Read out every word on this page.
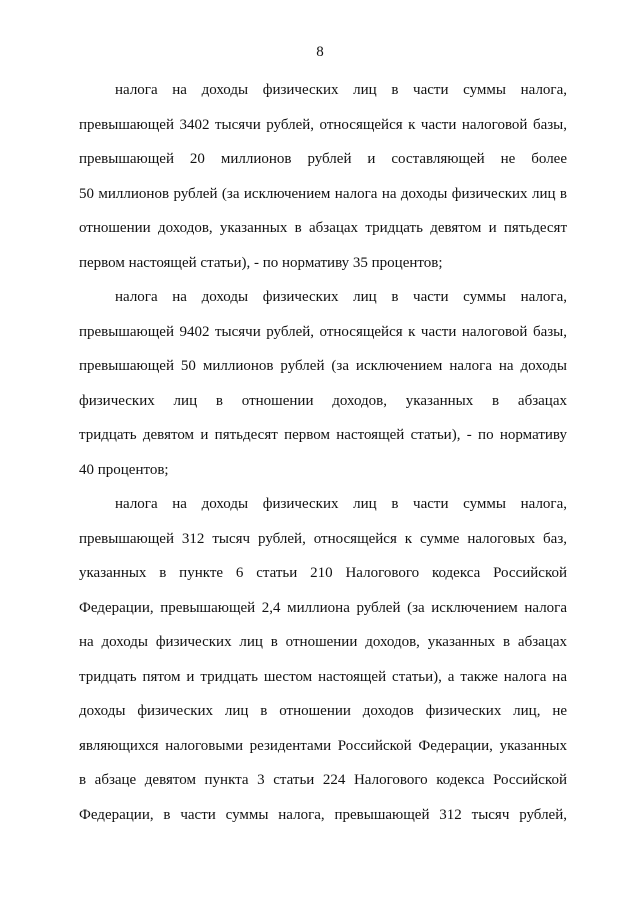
8
налога на доходы физических лиц в части суммы налога,
превышающей 3402 тысячи рублей, относящейся к части налоговой базы,
превышающей 20 миллионов рублей и составляющей не более
50 миллионов рублей (за исключением налога на доходы физических лиц в
отношении доходов, указанных в абзацах тридцать девятом и пятьдесят
первом настоящей статьи), - по нормативу 35 процентов;
налога на доходы физических лиц в части суммы налога,
превышающей 9402 тысячи рублей, относящейся к части налоговой базы,
превышающей 50 миллионов рублей (за исключением налога на доходы
физических лиц в отношении доходов, указанных в абзацах
тридцать девятом и пятьдесят первом настоящей статьи), - по нормативу
40 процентов;
налога на доходы физических лиц в части суммы налога,
превышающей 312 тысяч рублей, относящейся к сумме налоговых баз,
указанных в пункте 6 статьи 210 Налогового кодекса Российской
Федерации, превышающей 2,4 миллиона рублей (за исключением налога
на доходы физических лиц в отношении доходов, указанных в абзацах
тридцать пятом и тридцать шестом настоящей статьи), а также налога на
доходы физических лиц в отношении доходов физических лиц, не
являющихся налоговыми резидентами Российской Федерации, указанных
в абзаце девятом пункта 3 статьи 224 Налогового кодекса Российской
Федерации, в части суммы налога, превышающей 312 тысяч рублей,
